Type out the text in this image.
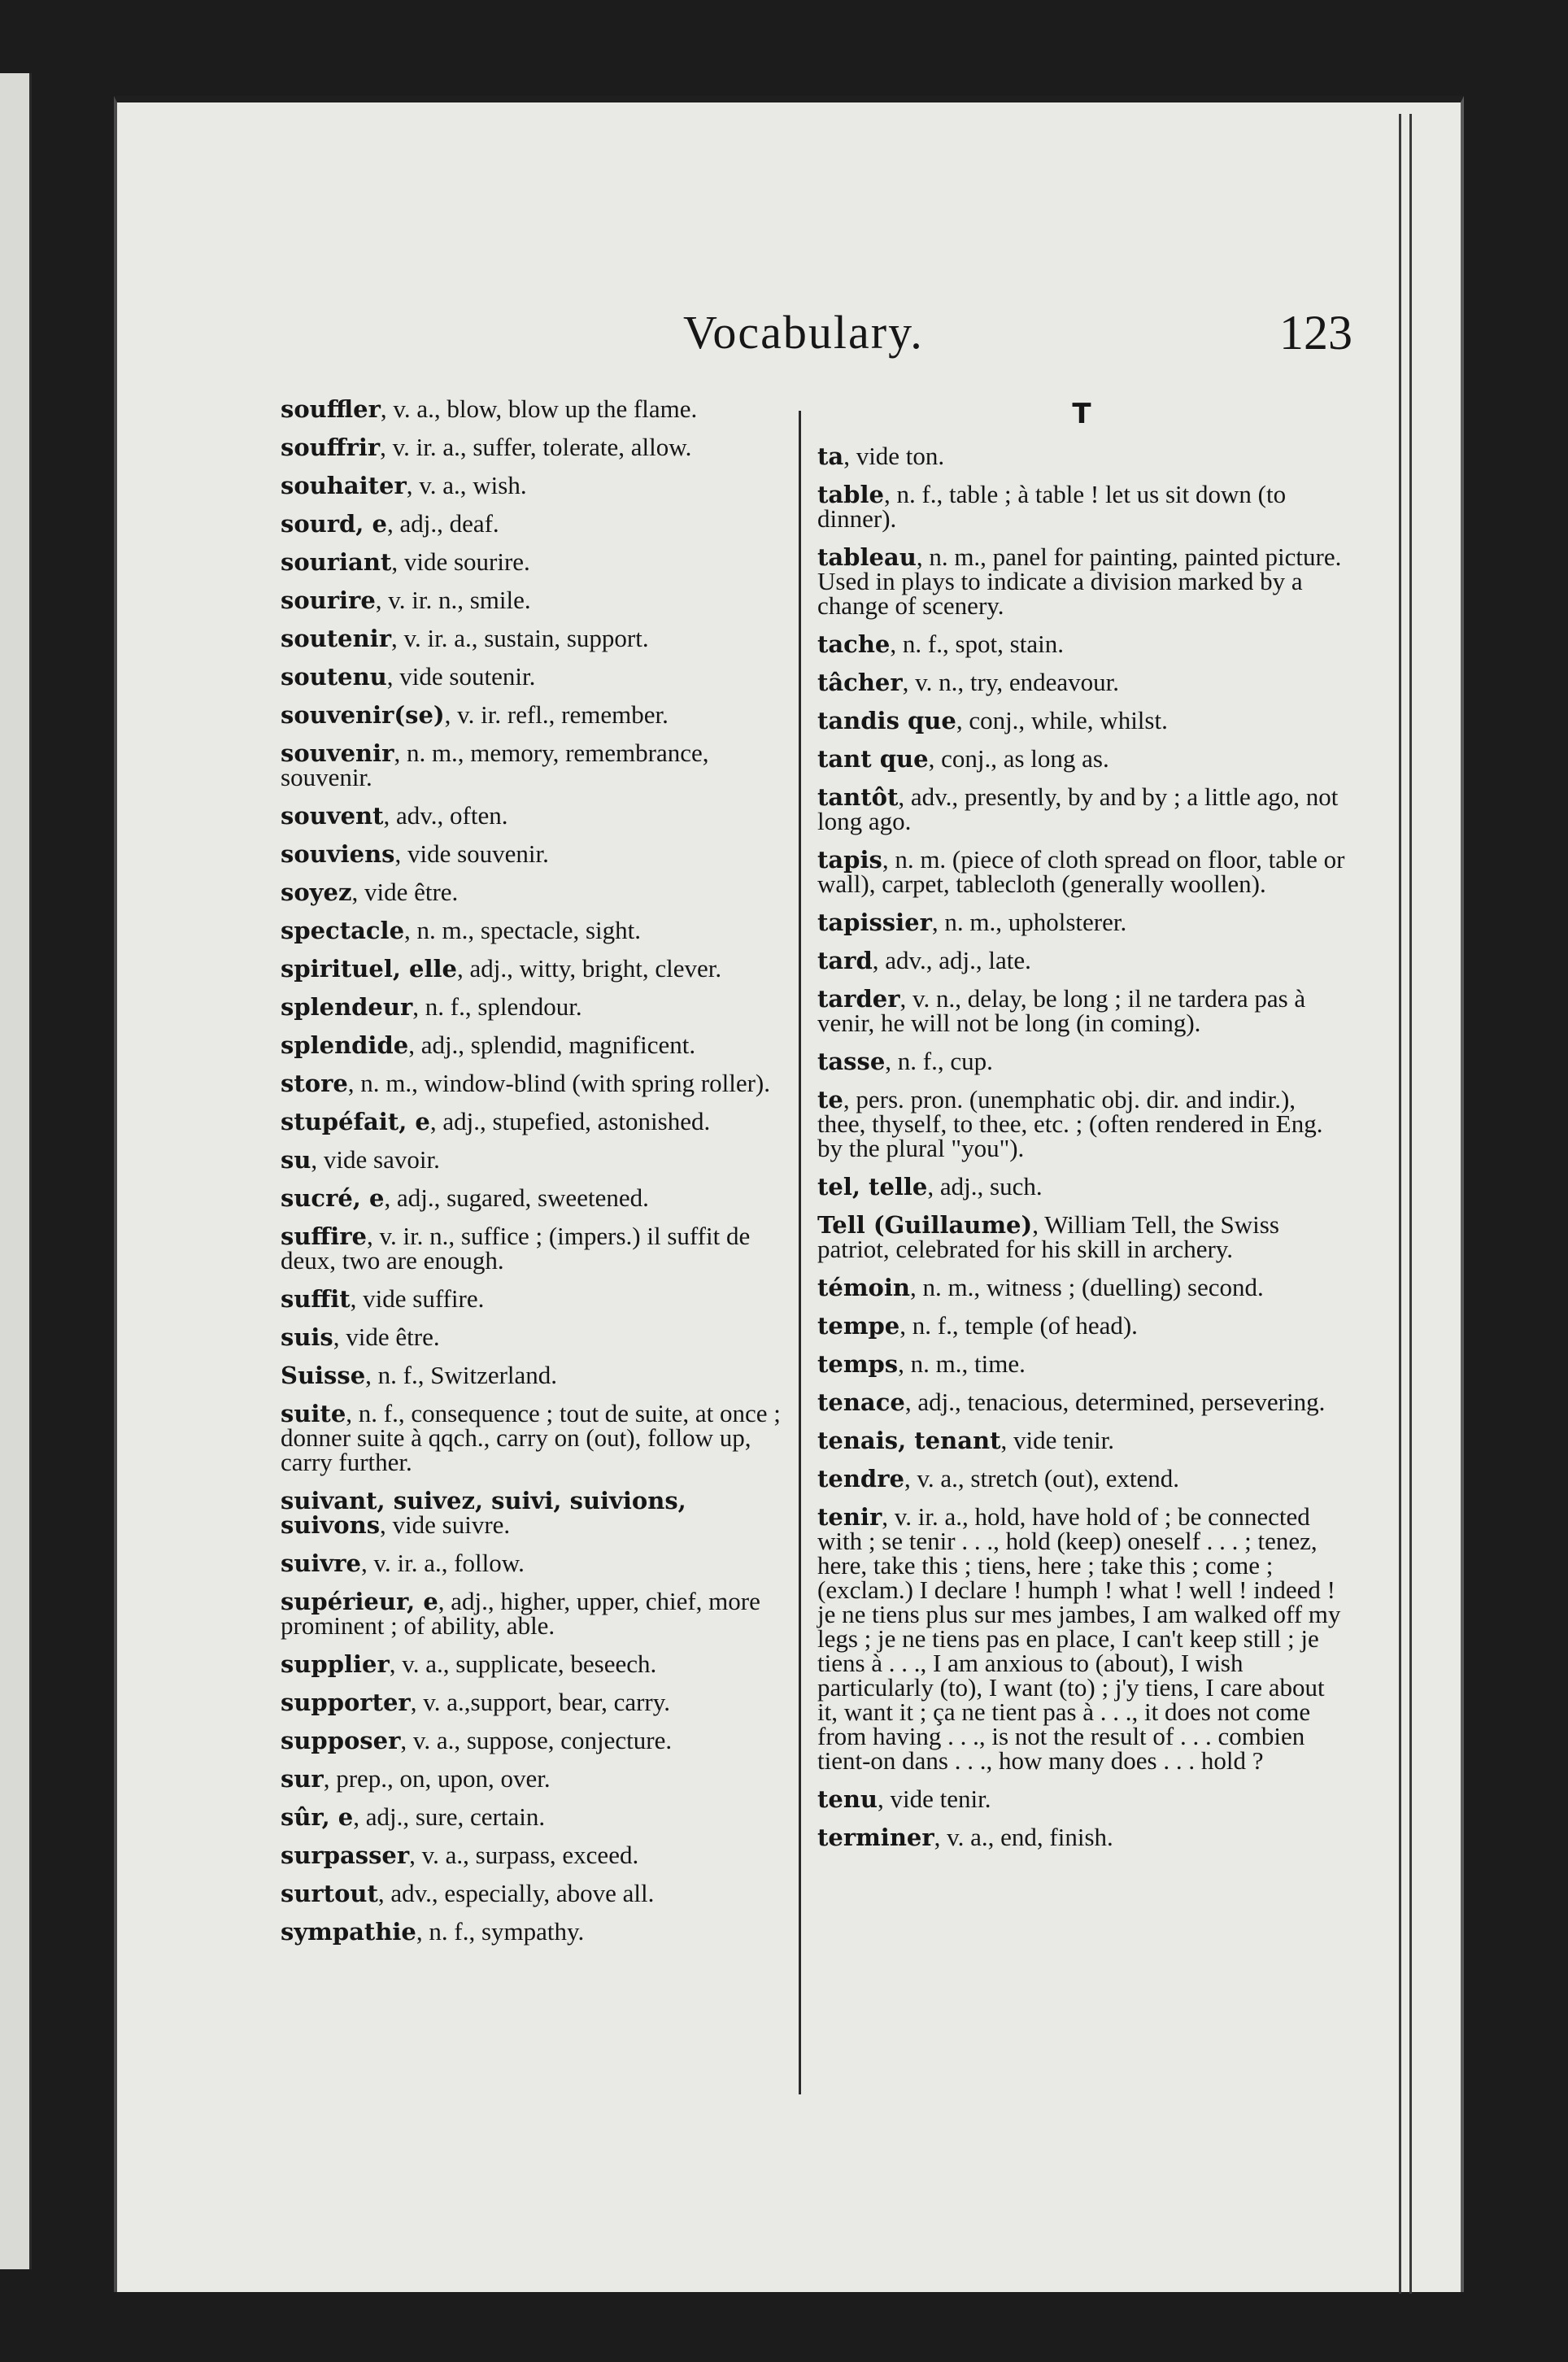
Vocabulary.	123
souffler, v. a., blow, blow up the flame.
souffrir, v. ir. a., suffer, tolerate, allow.
souhaiter, v. a., wish.
sourd, e, adj., deaf.
souriant, vide sourire.
sourire, v. ir. n., smile.
soutenir, v. ir. a., sustain, support.
soutenu, vide soutenir.
souvenir(se), v. ir. refl., remember.
souvenir, n. m., memory, remembrance, souvenir.
souvent, adv., often.
souviens, vide souvenir.
soyez, vide être.
spectacle, n. m., spectacle, sight.
spirituel, elle, adj., witty, bright, clever.
splendeur, n. f., splendour.
splendide, adj., splendid, magnificent.
store, n. m., window-blind (with spring roller).
stupéfait, e, adj., stupefied, astonished.
su, vide savoir.
sucré, e, adj., sugared, sweetened.
suffire, v. ir. n., suffice ; (impers.) il suffit de deux, two are enough.
suffit, vide suffire.
suis, vide être.
Suisse, n. f., Switzerland.
suite, n. f., consequence ; tout de suite, at once ; donner suite à qqch., carry on (out), follow up, carry further.
suivant, suivez, suivi, suivions, suivons, vide suivre.
suivre, v. ir. a., follow.
supérieur, e, adj., higher, upper, chief, more prominent ; of ability, able.
supplier, v. a., supplicate, beseech.
supporter, v. a.,support, bear, carry.
supposer, v. a., suppose, conjecture.
sur, prep., on, upon, over.
sûr, e, adj., sure, certain.
surpasser, v. a., surpass, exceed.
surtout, adv., especially, above all.
sympathie, n. f., sympathy.
T
ta, vide ton.
table, n. f., table ; à table ! let us sit down (to dinner).
tableau, n. m., panel for painting, painted picture. Used in plays to indicate a division marked by a change of scenery.
tache, n. f., spot, stain.
tâcher, v. n., try, endeavour.
tandis que, conj., while, whilst.
tant que, conj., as long as.
tantôt, adv., presently, by and by ; a little ago, not long ago.
tapis, n. m. (piece of cloth spread on floor, table or wall), carpet, tablecloth (generally woollen).
tapissier, n. m., upholsterer.
tard, adv., adj., late.
tarder, v. n., delay, be long ; il ne tardera pas à venir, he will not be long (in coming).
tasse, n. f., cup.
te, pers. pron. (unemphatic obj. dir. and indir.), thee, thyself, to thee, etc. ; (often rendered in Eng. by the plural "you").
tel, telle, adj., such.
Tell (Guillaume), William Tell, the Swiss patriot, celebrated for his skill in archery.
témoin, n. m., witness ; (duelling) second.
tempe, n. f., temple (of head).
temps, n. m., time.
tenace, adj., tenacious, determined, persevering.
tenais, tenant, vide tenir.
tendre, v. a., stretch (out), extend.
tenir, v. ir. a., hold, have hold of ; be connected with ; se tenir . . ., hold (keep) oneself . . . ; tenez, here, take this ; tiens, here ; take this ; come ; (exclam.) I declare ! humph ! what ! well ! indeed ! je ne tiens plus sur mes jambes, I am walked off my legs ; je ne tiens pas en place, I can't keep still ; je tiens à . . ., I am anxious to (about), I wish particularly (to), I want (to) ; j'y tiens, I care about it, want it ; ça ne tient pas à . . ., it does not come from having . . ., is not the result of . . . combien tient-on dans . . ., how many does . . . hold ?
tenu, vide tenir.
terminer, v. a., end, finish.
